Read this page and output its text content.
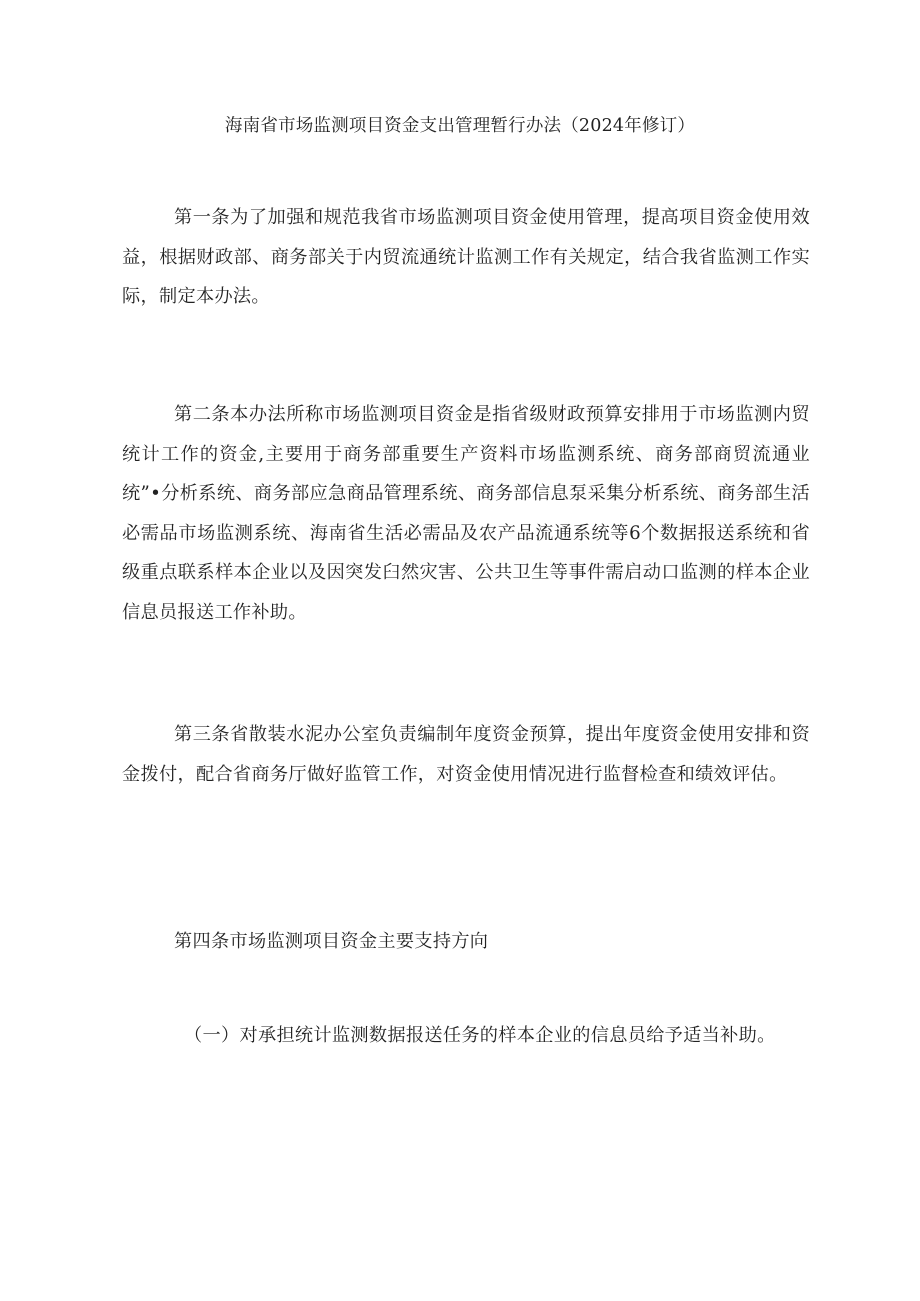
海南省市场监测项目资金支出管理暂行办法（2024年修订）

第一条为了加强和规范我省市场监测项目资金使用管理，提高项目资金使用效益，根据财政部、商务部关于内贸流通统计监测工作有关规定，结合我省监测工作实际，制定本办法。

第二条本办法所称市场监测项目资金是指省级财政预算安排用于市场监测内贸统计工作的资金,主要用于商务部重要生产资料市场监测系统、商务部商贸流通业统”•分析系统、商务部应急商品管理系统、商务部信息泵采集分析系统、商务部生活必需品市场监测系统、海南省生活必需品及农产品流通系统等6个数据报送系统和省级重点联系样本企业以及因突发臼然灾害、公共卫生等事件需启动口监测的样本企业信息员报送工作补助。

第三条省散装水泥办公室负责编制年度资金预算，提出年度资金使用安排和资金拨付，配合省商务厅做好监管工作，对资金使用情况进行监督检查和绩效评估。

第四条市场监测项目资金主要支持方向

（一）对承担统计监测数据报送任务的样本企业的信息员给予适当补助。
